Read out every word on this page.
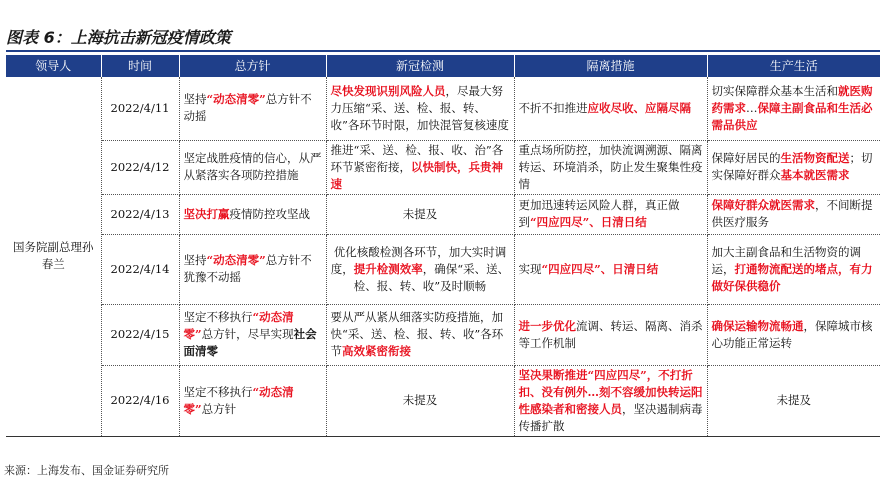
图表 6：上海抗击新冠疫情政策
领导人	时间	总方针	新冠检测	隔离措施	生产生活
国务院副总理孙春兰	2022/4/11	坚持“动态清零”总方针不动摇	尽快发现识别风险人员，尽最大努力压缩“采、送、检、报、转、收”各环节时限，加快混管复核速度	不折不扣推进应收尽收、应隔尽隔	切实保障群众基本生活和就医购药需求…保障主副食品和生活必需品供应
	2022/4/12	坚定战胜疫情的信心，从严从紧落实各项防控措施	推进“采、送、检、报、收、治”各环节紧密衔接，以快制快，兵贵神速	重点场所防控，加快流调溯源、隔离转运、环境消杀，防止发生聚集性疫情	保障好居民的生活物资配送；切实保障好群众基本就医需求
	2022/4/13	坚决打赢疫情防控攻坚战	未提及	更加迅速转运风险人群，真正做到“四应四尽”、日清日结	保障好群众就医需求，不间断提供医疗服务
	2022/4/14	坚持“动态清零”总方针不犹豫不动摇	优化核酸检测各环节，加大实时调度，提升检测效率，确保“采、送、检、报、转、收”及时顺畅	实现“四应四尽”、日清日结	加大主副食品和生活物资的调运，打通物流配送的堵点，有力做好保供稳价
	2022/4/15	坚定不移执行“动态清零”总方针，尽早实现社会面清零	要从严从紧从细落实防疫措施，加快“采、送、检、报、转、收”各环节高效紧密衔接	进一步优化流调、转运、隔离、消杀等工作机制	确保运输物流畅通，保障城市核心功能正常运转
	2022/4/16	坚定不移执行“动态清零”总方针	未提及	坚决果断推进“四应四尽”，不打折扣、没有例外…刻不容缓加快转运阳性感染者和密接人员，坚决遏制病毒传播扩散	未提及
来源：上海发布、国金证券研究所
